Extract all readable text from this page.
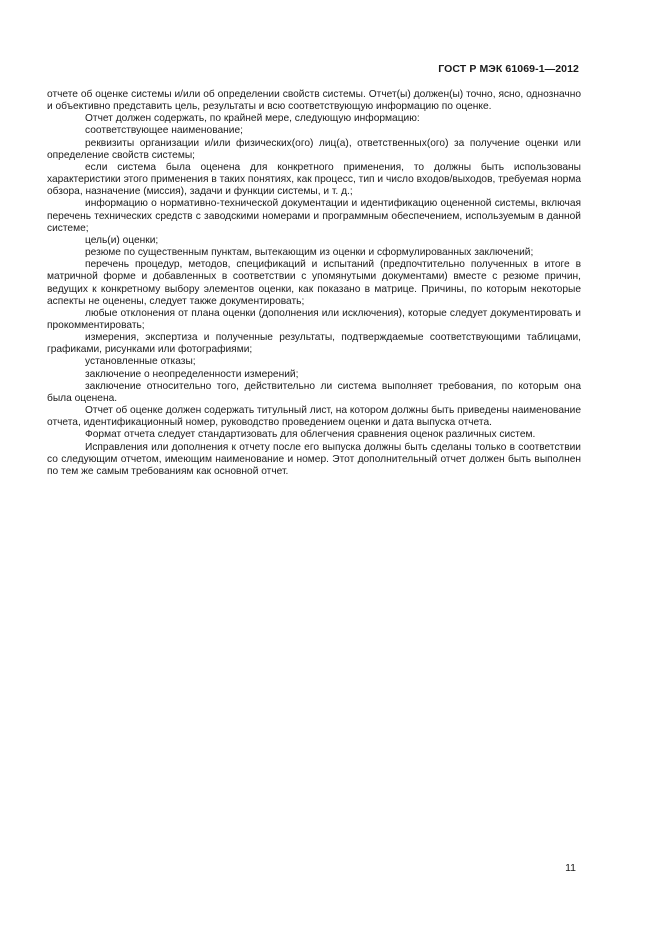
ГОСТ Р МЭК 61069-1—2012

отчете об оценке системы и/или об определении свойств системы. Отчет(ы) должен(ы) точно, ясно, однозначно и объективно представить цель, результаты и всю соответствующую информацию по оценке.

Отчет должен содержать, по крайней мере, следующую информацию:

соответствующее наименование;

реквизиты организации и/или физических(ого) лиц(а), ответственных(ого) за получение оценки или определение свойств системы;

если система была оценена для конкретного применения, то должны быть использованы характеристики этого применения в таких понятиях, как процесс, тип и число входов/выходов, требуемая норма обзора, назначение (миссия), задачи и функции системы, и т. д.;

информацию о нормативно-технической документации и идентификацию оцененной системы, включая перечень технических средств с заводскими номерами и программным обеспечением, используемым в данной системе;

цель(и) оценки;

резюме по существенным пунктам, вытекающим из оценки и сформулированных заключений;

перечень процедур, методов, спецификаций и испытаний (предпочтительно полученных в итоге в матричной форме и добавленных в соответствии с упомянутыми документами) вместе с резюме причин, ведущих к конкретному выбору элементов оценки, как показано в матрице. Причины, по которым некоторые аспекты не оценены, следует также документировать;

любые отклонения от плана оценки (дополнения или исключения), которые следует документировать и прокомментировать;

измерения, экспертиза и полученные результаты, подтверждаемые соответствующими таблицами, графиками, рисунками или фотографиями;

установленные отказы;

заключение о неопределенности измерений;

заключение относительно того, действительно ли система выполняет требования, по которым она была оценена.

Отчет об оценке должен содержать титульный лист, на котором должны быть приведены наименование отчета, идентификационный номер, руководство проведением оценки и дата выпуска отчета.

Формат отчета следует стандартизовать для облегчения сравнения оценок различных систем.

Исправления или дополнения к отчету после его выпуска должны быть сделаны только в соответствии со следующим отчетом, имеющим наименование и номер. Этот дополнительный отчет должен быть выполнен по тем же самым требованиям как основной отчет.

11
